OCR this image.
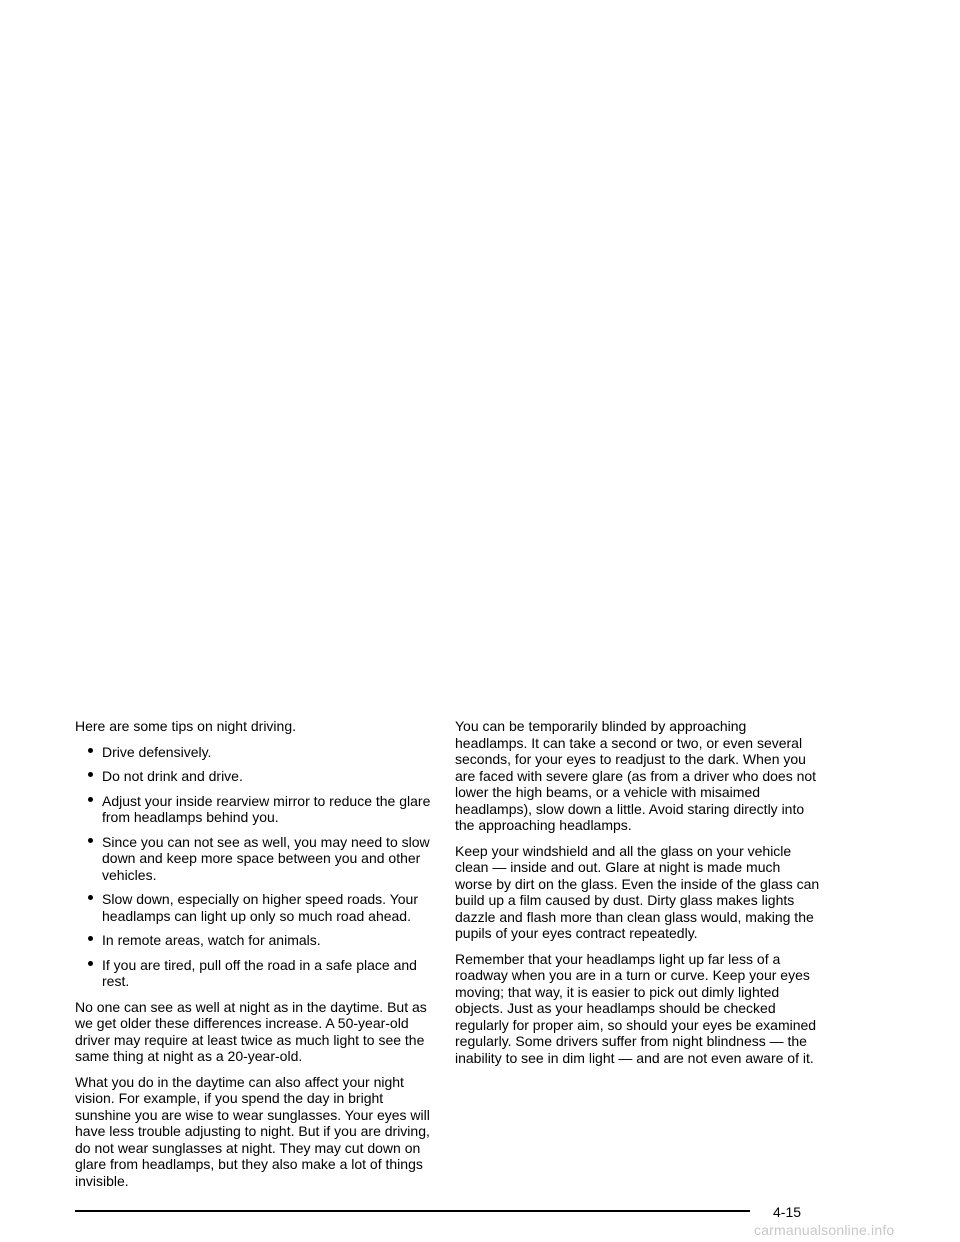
Here are some tips on night driving.

Drive defensively.
Do not drink and drive.
Adjust your inside rearview mirror to reduce the glare from headlamps behind you.
Since you can not see as well, you may need to slow down and keep more space between you and other vehicles.
Slow down, especially on higher speed roads. Your headlamps can light up only so much road ahead.
In remote areas, watch for animals.
If you are tired, pull off the road in a safe place and rest.

No one can see as well at night as in the daytime. But as we get older these differences increase. A 50-year-old driver may require at least twice as much light to see the same thing at night as a 20-year-old.

What you do in the daytime can also affect your night vision. For example, if you spend the day in bright sunshine you are wise to wear sunglasses. Your eyes will have less trouble adjusting to night. But if you are driving, do not wear sunglasses at night. They may cut down on glare from headlamps, but they also make a lot of things invisible.

You can be temporarily blinded by approaching headlamps. It can take a second or two, or even several seconds, for your eyes to readjust to the dark. When you are faced with severe glare (as from a driver who does not lower the high beams, or a vehicle with misaimed headlamps), slow down a little. Avoid staring directly into the approaching headlamps.

Keep your windshield and all the glass on your vehicle clean — inside and out. Glare at night is made much worse by dirt on the glass. Even the inside of the glass can build up a film caused by dust. Dirty glass makes lights dazzle and flash more than clean glass would, making the pupils of your eyes contract repeatedly.

Remember that your headlamps light up far less of a roadway when you are in a turn or curve. Keep your eyes moving; that way, it is easier to pick out dimly lighted objects. Just as your headlamps should be checked regularly for proper aim, so should your eyes be examined regularly. Some drivers suffer from night blindness — the inability to see in dim light — and are not even aware of it.

4-15
carmanualsonline.info
